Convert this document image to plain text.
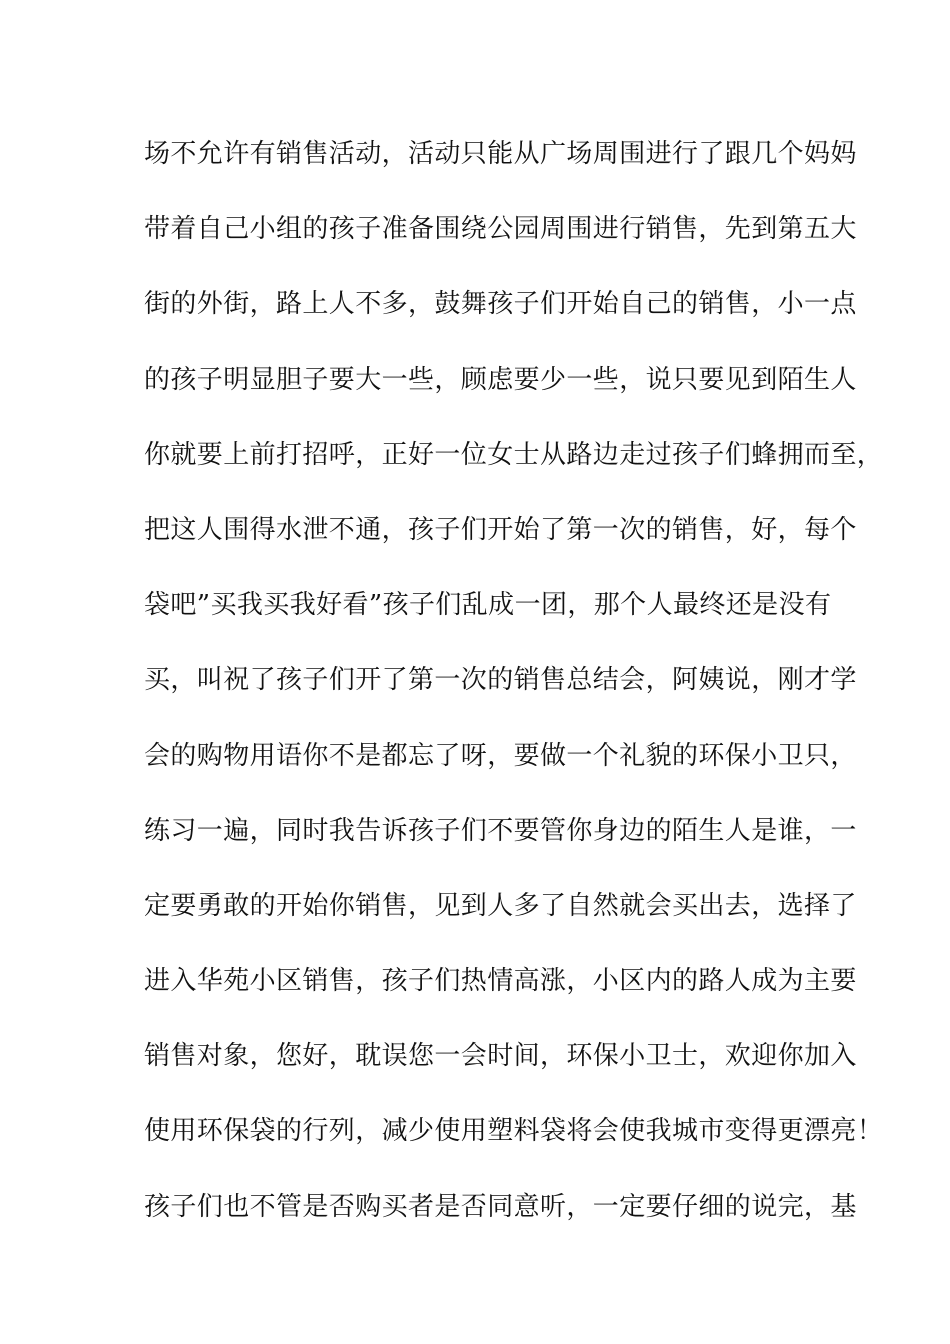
场不允许有销售活动，活动只能从广场周围进行了跟几个妈妈
带着自己小组的孩子准备围绕公园周围进行销售，先到第五大
街的外街，路上人不多，鼓舞孩子们开始自己的销售，小一点
的孩子明显胆子要大一些，顾虑要少一些，说只要见到陌生人
你就要上前打招呼，正好一位女士从路边走过孩子们蜂拥而至，
把这人围得水泄不通，孩子们开始了第一次的销售，好，每个
袋吧”买我买我好看”孩子们乱成一团，那个人最终还是没有
买，叫祝了孩子们开了第一次的销售总结会，阿姨说，刚才学
会的购物用语你不是都忘了呀，要做一个礼貌的环保小卫只，
练习一遍，同时我告诉孩子们不要管你身边的陌生人是谁，一
定要勇敢的开始你销售，见到人多了自然就会买出去，选择了
进入华苑小区销售，孩子们热情高涨，小区内的路人成为主要
销售对象，您好，耽误您一会时间，环保小卫士，欢迎你加入
使用环保袋的行列，减少使用塑料袋将会使我城市变得更漂亮！
孩子们也不管是否购买者是否同意听，一定要仔细的说完，基
